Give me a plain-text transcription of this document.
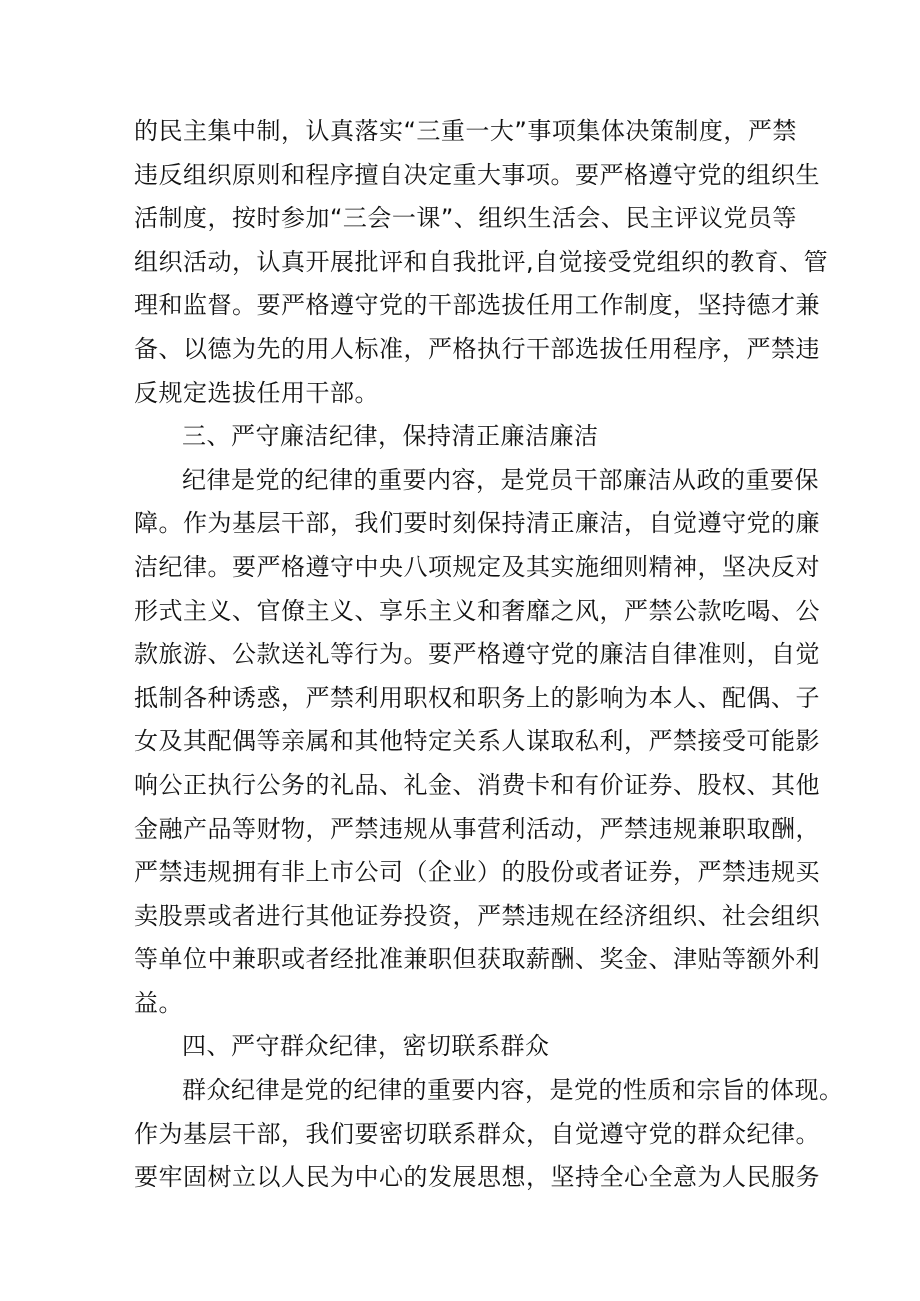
的民主集中制，认真落实“三重一大”事项集体决策制度，严禁
违反组织原则和程序擅自决定重大事项。要严格遵守党的组织生
活制度，按时参加“三会一课”、组织生活会、民主评议党员等
组织活动，认真开展批评和自我批评,自觉接受党组织的教育、管
理和监督。要严格遵守党的干部选拔任用工作制度，坚持德才兼
备、以德为先的用人标准，严格执行干部选拔任用程序，严禁违
反规定选拔任用干部。
三、严守廉洁纪律，保持清正廉洁廉洁
纪律是党的纪律的重要内容，是党员干部廉洁从政的重要保
障。作为基层干部，我们要时刻保持清正廉洁，自觉遵守党的廉
洁纪律。要严格遵守中央八项规定及其实施细则精神，坚决反对
形式主义、官僚主义、享乐主义和奢靡之风，严禁公款吃喝、公
款旅游、公款送礼等行为。要严格遵守党的廉洁自律准则，自觉
抵制各种诱惑，严禁利用职权和职务上的影响为本人、配偶、子
女及其配偶等亲属和其他特定关系人谋取私利，严禁接受可能影
响公正执行公务的礼品、礼金、消费卡和有价证券、股权、其他
金融产品等财物，严禁违规从事营利活动，严禁违规兼职取酬，
严禁违规拥有非上市公司（企业）的股份或者证券，严禁违规买
卖股票或者进行其他证券投资，严禁违规在经济组织、社会组织
等单位中兼职或者经批准兼职但获取薪酬、奖金、津贴等额外利
益。
四、严守群众纪律，密切联系群众
群众纪律是党的纪律的重要内容，是党的性质和宗旨的体现。
作为基层干部，我们要密切联系群众，自觉遵守党的群众纪律。
要牢固树立以人民为中心的发展思想，坚持全心全意为人民服务
